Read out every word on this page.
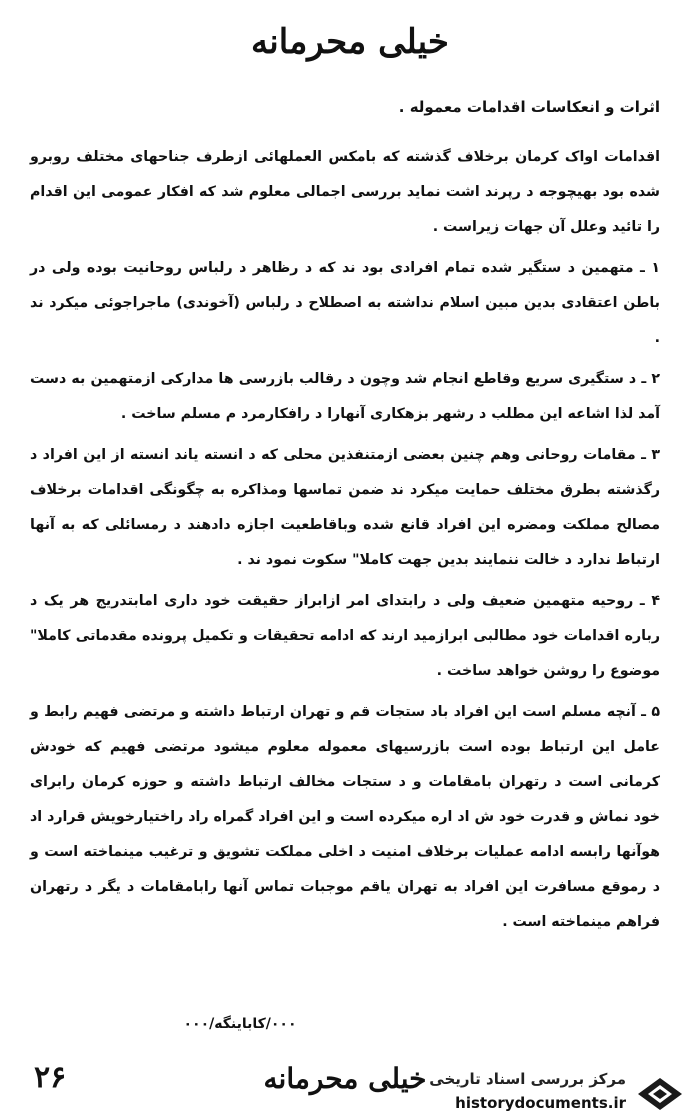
خیلی محرمانه
اثرات و انعکاسات اقدامات معموله .

اقدامات اواک کرمان برخلاف گذشته که بامکس العملهائی ازطرف جناحهای مختلف روبرو شده بود بهیچوجه د رپرند اشت نماید بررسی اجمالی معلوم شد که افکار عمومی این اقدام را تائید وعلل آن جهات زیراست .

۱ ـ متهمین د ستگیر شده تمام افرادی بود ند که د رظاهر د رلباس روحانیت بوده ولی در باطن اعتقادی بدین مبین اسلام نداشته به اصطلاح د رلباس (آخوندی) ماجراجوئی میکرد ند .

۲ ـ د ستگیری سریع وقاطع انجام شد وچون د رقالب بازرسی ها مدارکی ازمتهمین به دست آمد لذا اشاعه این مطلب د رشهر بزهکاری آنهارا د رافکارمرد م مسلم ساخت .

۳ ـ مقامات روحانی وهم چنین بعضی ازمتنفذین محلی که د انسته یاند انسته از این افراد د رگذشته بطرق مختلف حمایت میکرد ند ضمن تماسها ومذاکره به چگونگی اقدامات برخلاف مصالح مملکت ومضره این افراد قانع شده وباقاطعیت اجازه دادهند د رمسائلی که به آنها ارتباط ندارد د خالت ننمایند بدین جهت کاملا" سکوت نمود ند .

۴ ـ روحیه متهمین ضعیف ولی د رابتدای امر ازابراز حقیقت خود داری امابتدریج هر یک د رباره اقدامات خود مطالبی ابرازمید ارند که ادامه تحقیقات و تکمیل پرونده مقدماتی کاملا" موضوع را روشن خواهد ساخت .

۵ ـ آنچه مسلم است این افراد باد ستجات قم و تهران ارتباط داشته و مرتضی فهیم رابط و عامل این ارتباط بوده است بازرسیهای معموله معلوم میشود مرتضی فهیم که خودش کرمانی است د رتهران بامقامات و د ستجات مخالف ارتباط داشته و حوزه کرمان رابرای خود نماش و قدرت خود ش اد اره میکرده است و این افراد گمراه راد راختیارخویش قرارد اد هوآنها رابسه ادامه عملیات برخلاف امنیت د اخلی مملکت تشویق و ترغیب مینماخته است و د رموقع مسافرت این افراد به تهران یاقم موجبات تماس آنها رابامقامات د یگر د رتهران فراهم مینماخته است .

۰۰۰/کاباینگه/۰۰۰
۲۶	خیلی محرمانه مرکز بررسی اسناد تاریخی
historydocuments.ir
